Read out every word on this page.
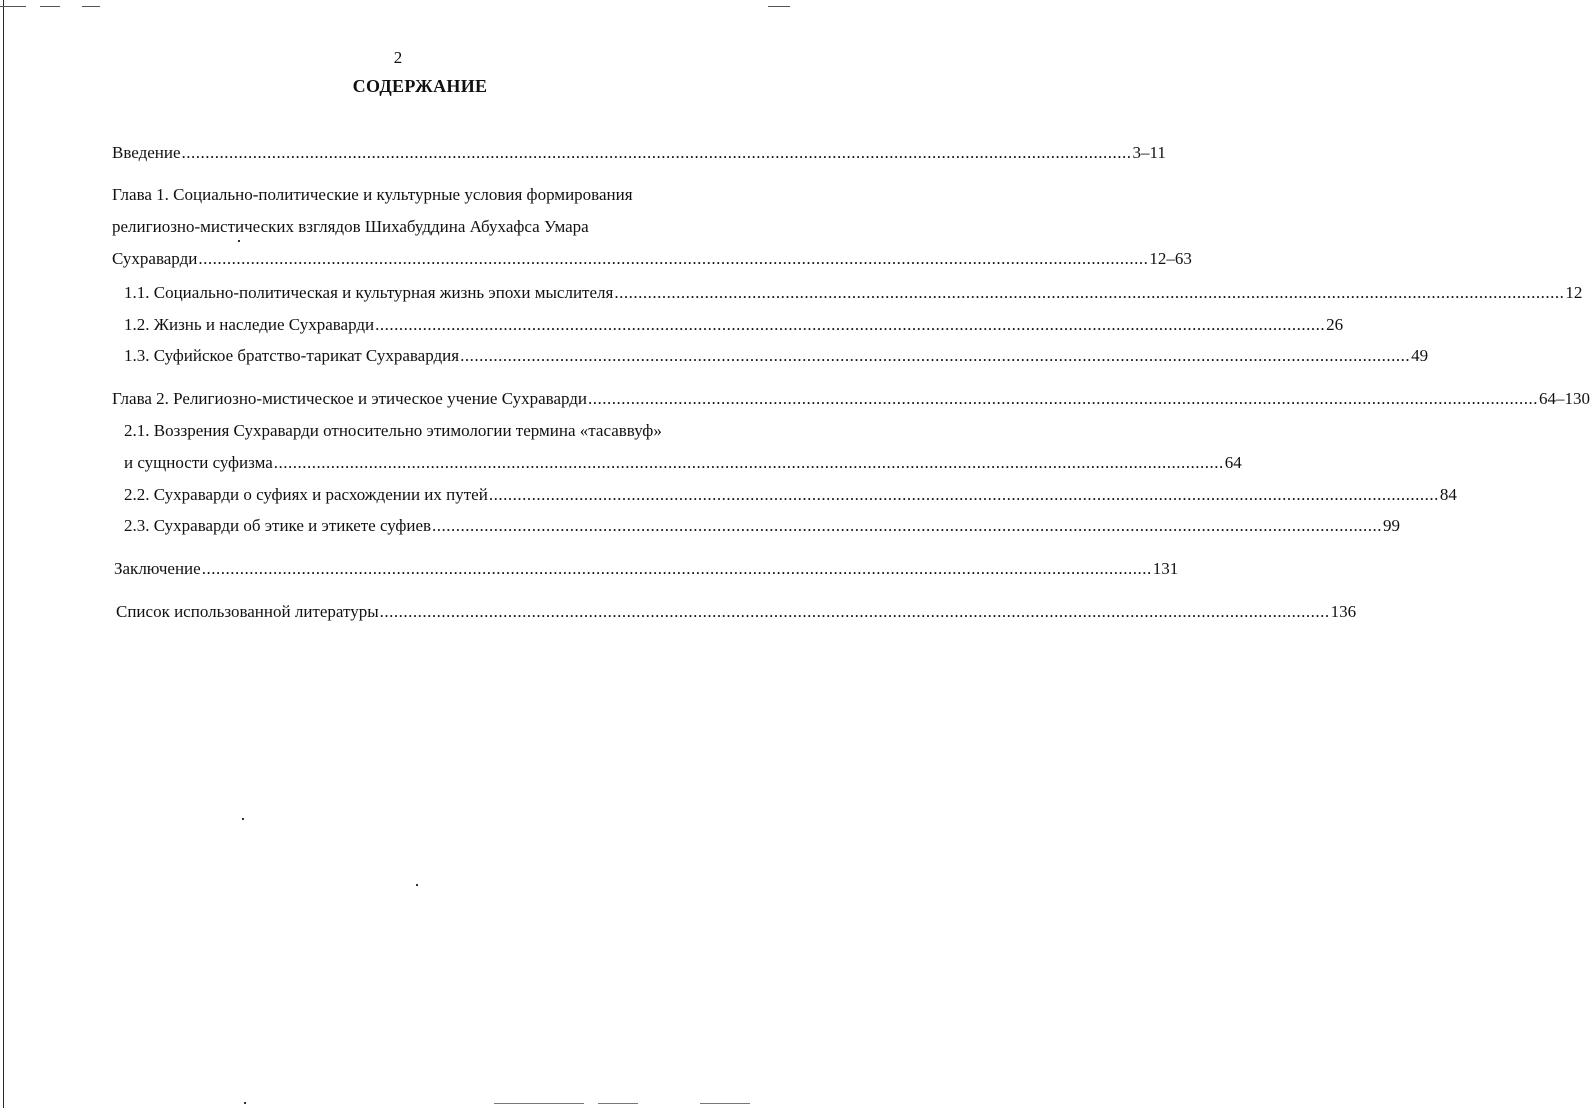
2
СОДЕРЖАНИЕ
Введение ........................................................................................................................................................................................................ 3–11
Глава 1. Социально-политические и культурные условия формирования
религиозно-мистических взглядов Шихабуддина Абухафса Умара
Сухраварди ........................................................................................................................................................................................................ 12–63
1.1. Социально-политическая и культурная жизнь эпохи мыслителя ........................................................................................................................................................................................................ 12
1.2. Жизнь и наследие Сухраварди ........................................................................................................................................................................................................ 26
1.3. Суфийское братство-тарикат Сухравардия ........................................................................................................................................................................................................ 49
Глава 2. Религиозно-мистическое и этическое учение Сухраварди ........................................................................................................................................................................................................ 64–130
2.1. Воззрения Сухраварди относительно этимологии термина «тасаввуф»
и сущности суфизма ........................................................................................................................................................................................................ 64
2.2. Сухраварди о суфиях и расхождении их путей ........................................................................................................................................................................................................ 84
2.3. Сухраварди об этике и этикете суфиев ........................................................................................................................................................................................................ 99
Заключение ........................................................................................................................................................................................................ 131
Список использованной литературы ........................................................................................................................................................................................................ 136
